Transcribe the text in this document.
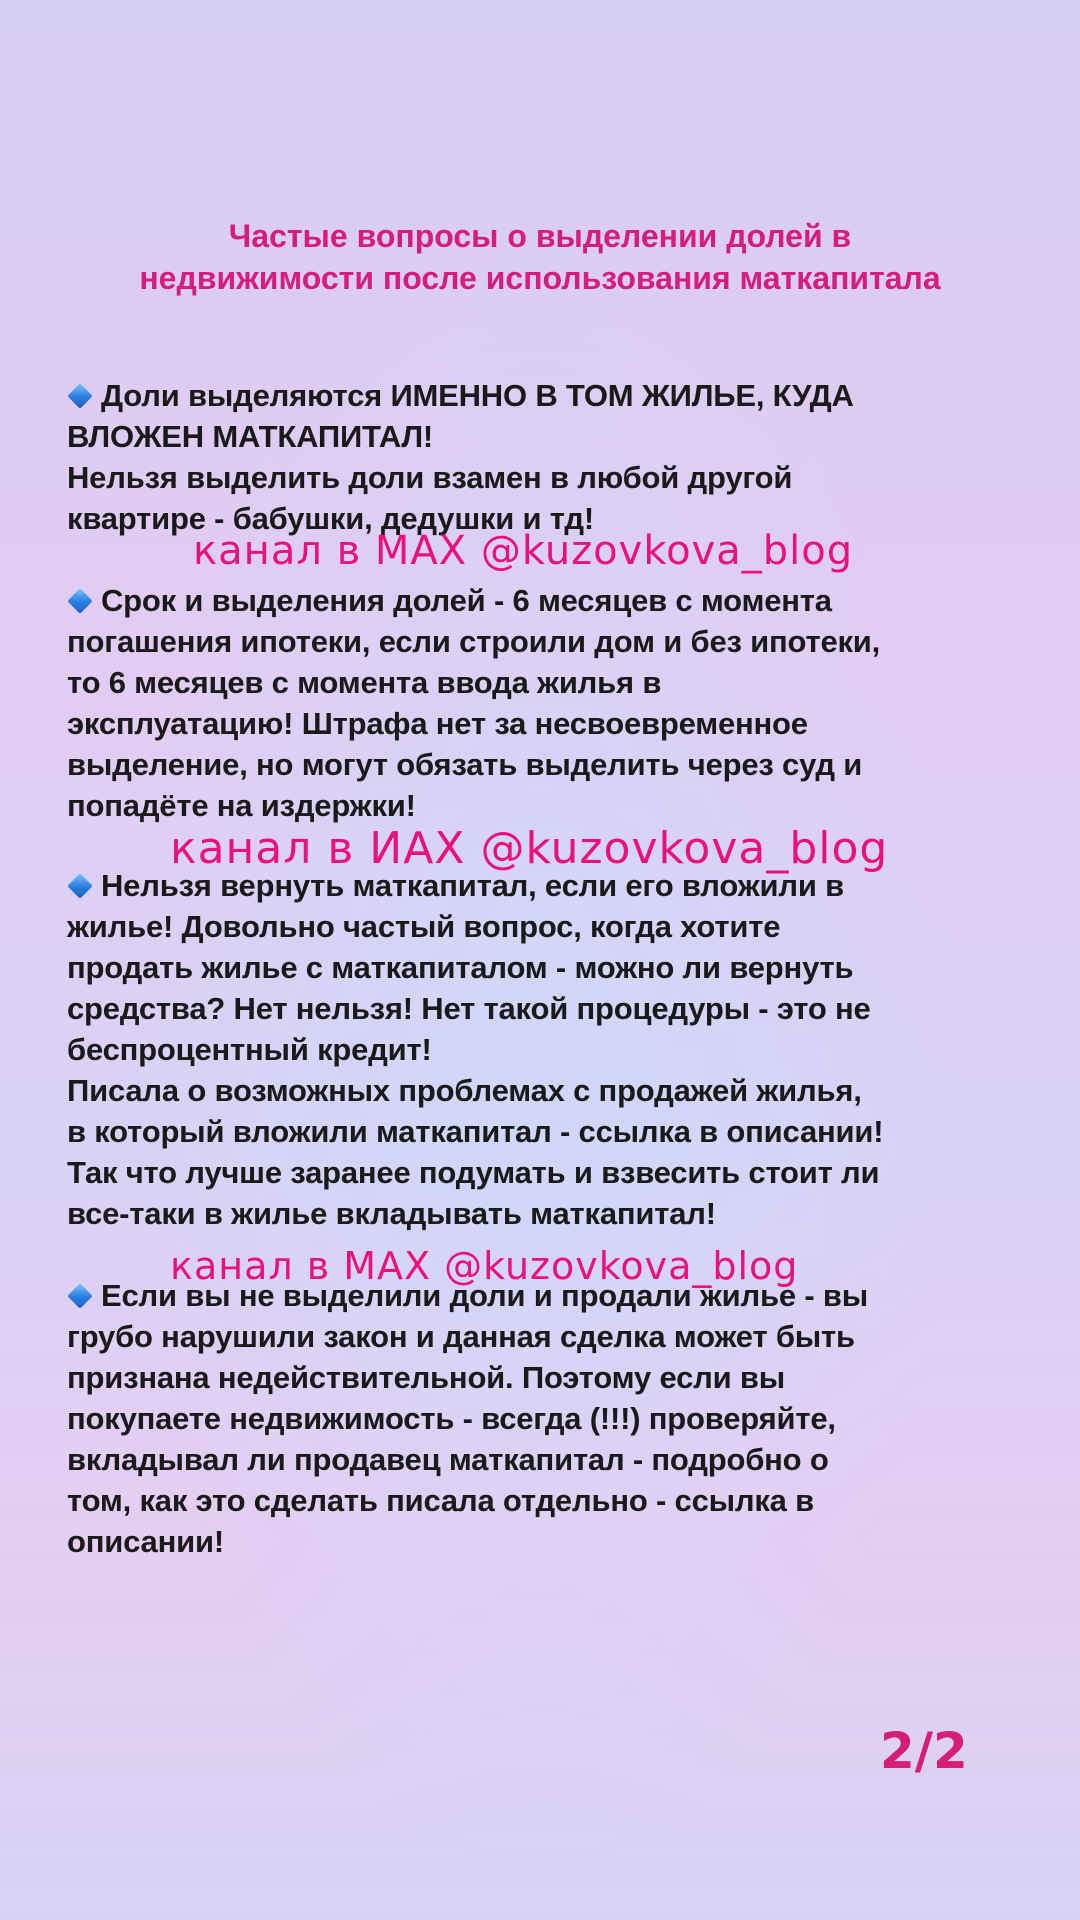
Частые вопросы о выделении долей в
недвижимости после использования маткапитала

Доли выделяются ИМЕННО В ТОМ ЖИЛЬЕ, КУДА

ВЛОЖЕН МАТКАПИТАЛ!

Нельзя выделить доли взамен в любой другой

квартире - бабушки, дедушки и тд!

канал в MAX @kuzovkova_blog

Срок и выделения долей - 6 месяцев с момента

погашения ипотеки, если строили дом и без ипотеки,

то 6 месяцев с момента ввода жилья в

эксплуатацию! Штрафа нет за несвоевременное

выделение, но могут обязать выделить через суд и

попадёте на издержки!

канал в ИAX @kuzovkova_blog

Нельзя вернуть маткапитал, если его вложили в

жилье! Довольно частый вопрос, когда хотите

продать жилье с маткапиталом - можно ли вернуть

средства? Нет нельзя! Нет такой процедуры - это не

беспроцентный кредит!

Писала о возможных проблемах с продажей жилья,

в который вложили маткапитал - ссылка в описании!

Так что лучше заранее подумать и взвесить стоит ли

все-таки в жилье вкладывать маткапитал!

канал в MAX @kuzovkova_blog

Если вы не выделили доли и продали жилье - вы

грубо нарушили закон и данная сделка может быть

признана недействительной. Поэтому если вы

покупаете недвижимость - всегда (!!!) проверяйте,

вкладывал ли продавец маткапитал - подробно о

том, как это сделать писала отдельно - ссылка в

описании!

2/2
